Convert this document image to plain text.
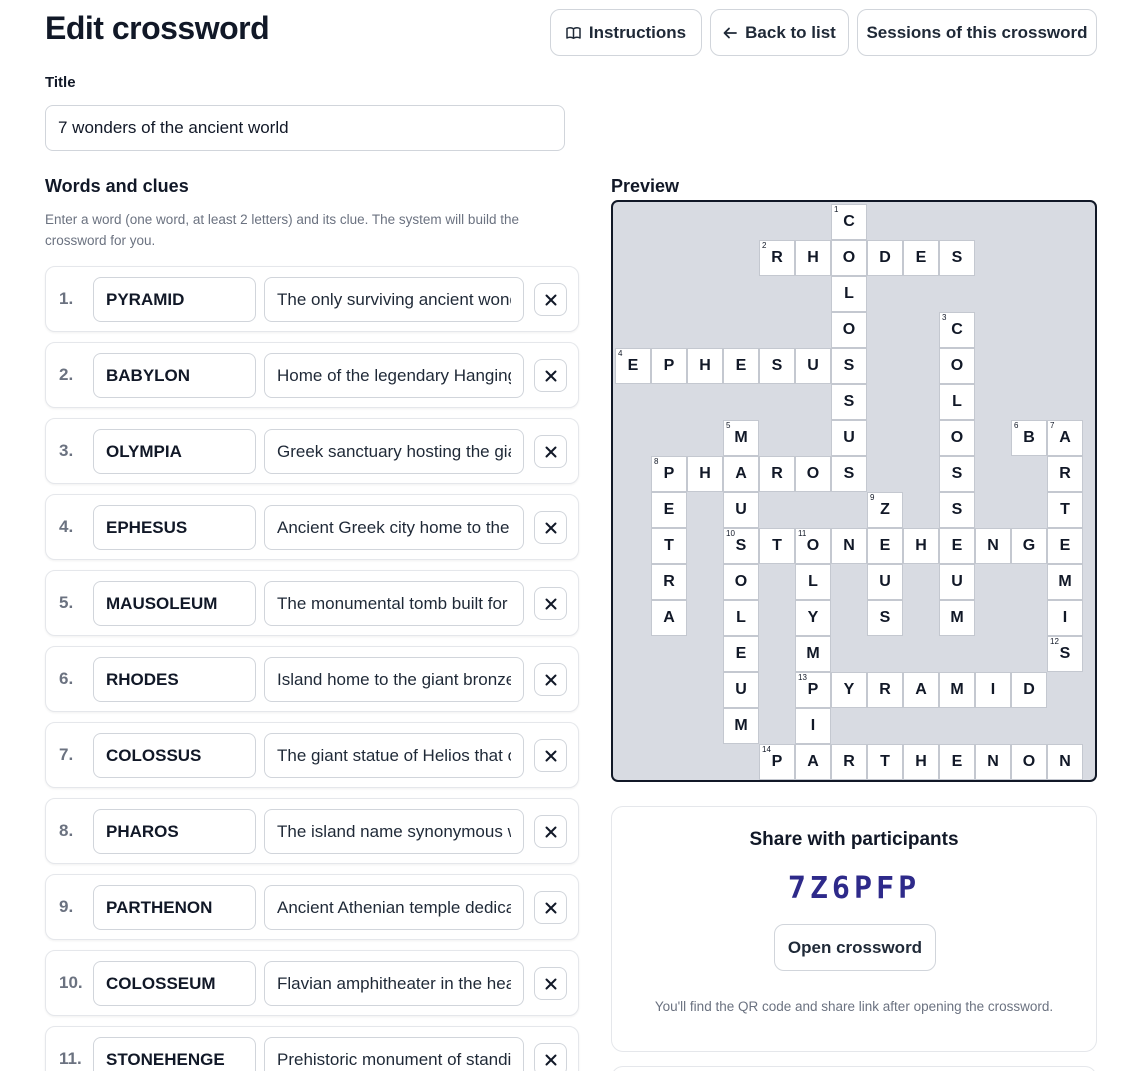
Edit crossword	Instructions	Back to list Sessions of this crossword
Title
7 wonders of the ancient world
Words and clues

Enter a word (one word, at least 2 letters) and its clue. The system will build the crossword for you.

1.
PYRAMID
The only surviving ancient wonder
2.
BABYLON
Home of the legendary Hanging Gardens
3.
OLYMPIA
Greek sanctuary hosting the giant statue of Zeus
4.
EPHESUS
Ancient Greek city home to the Temple of Artemis
5.
MAUSOLEUM
The monumental tomb built for King Mausolus
6.
RHODES
Island home to the giant bronze statue
7.
COLOSSUS
The giant statue of Helios that once stood at the harbor
8.
PHAROS
The island name synonymous with lighthouse
9.
PARTHENON
Ancient Athenian temple dedicated to Athena
10.
COLOSSEUM
Flavian amphitheater in the heart of Rome
11.
STONEHENGE
Prehistoric monument of standing stones
Preview
1
C
O
L
O
S
S
U
S
2
R	H	D	E	S
3
C
O
L
O
S
S
E
U
M
4
E	P	H	E	S	U
5
M
A
U
10
S
O
L
E
U
M
6
B
7
A
R
T
E
M
I
12
S
8
P	H	R	O
E
T
R
A
9
Z
E
U
S
T
11
O	N	H	N	G
L
Y
M
13
P
I
Y	R	A	M	I	D
14
P	A	R	T	H	E	N	O	N
Share with participants
7Z6PFP
Open crossword
You'll find the QR code and share link after opening the crossword.
